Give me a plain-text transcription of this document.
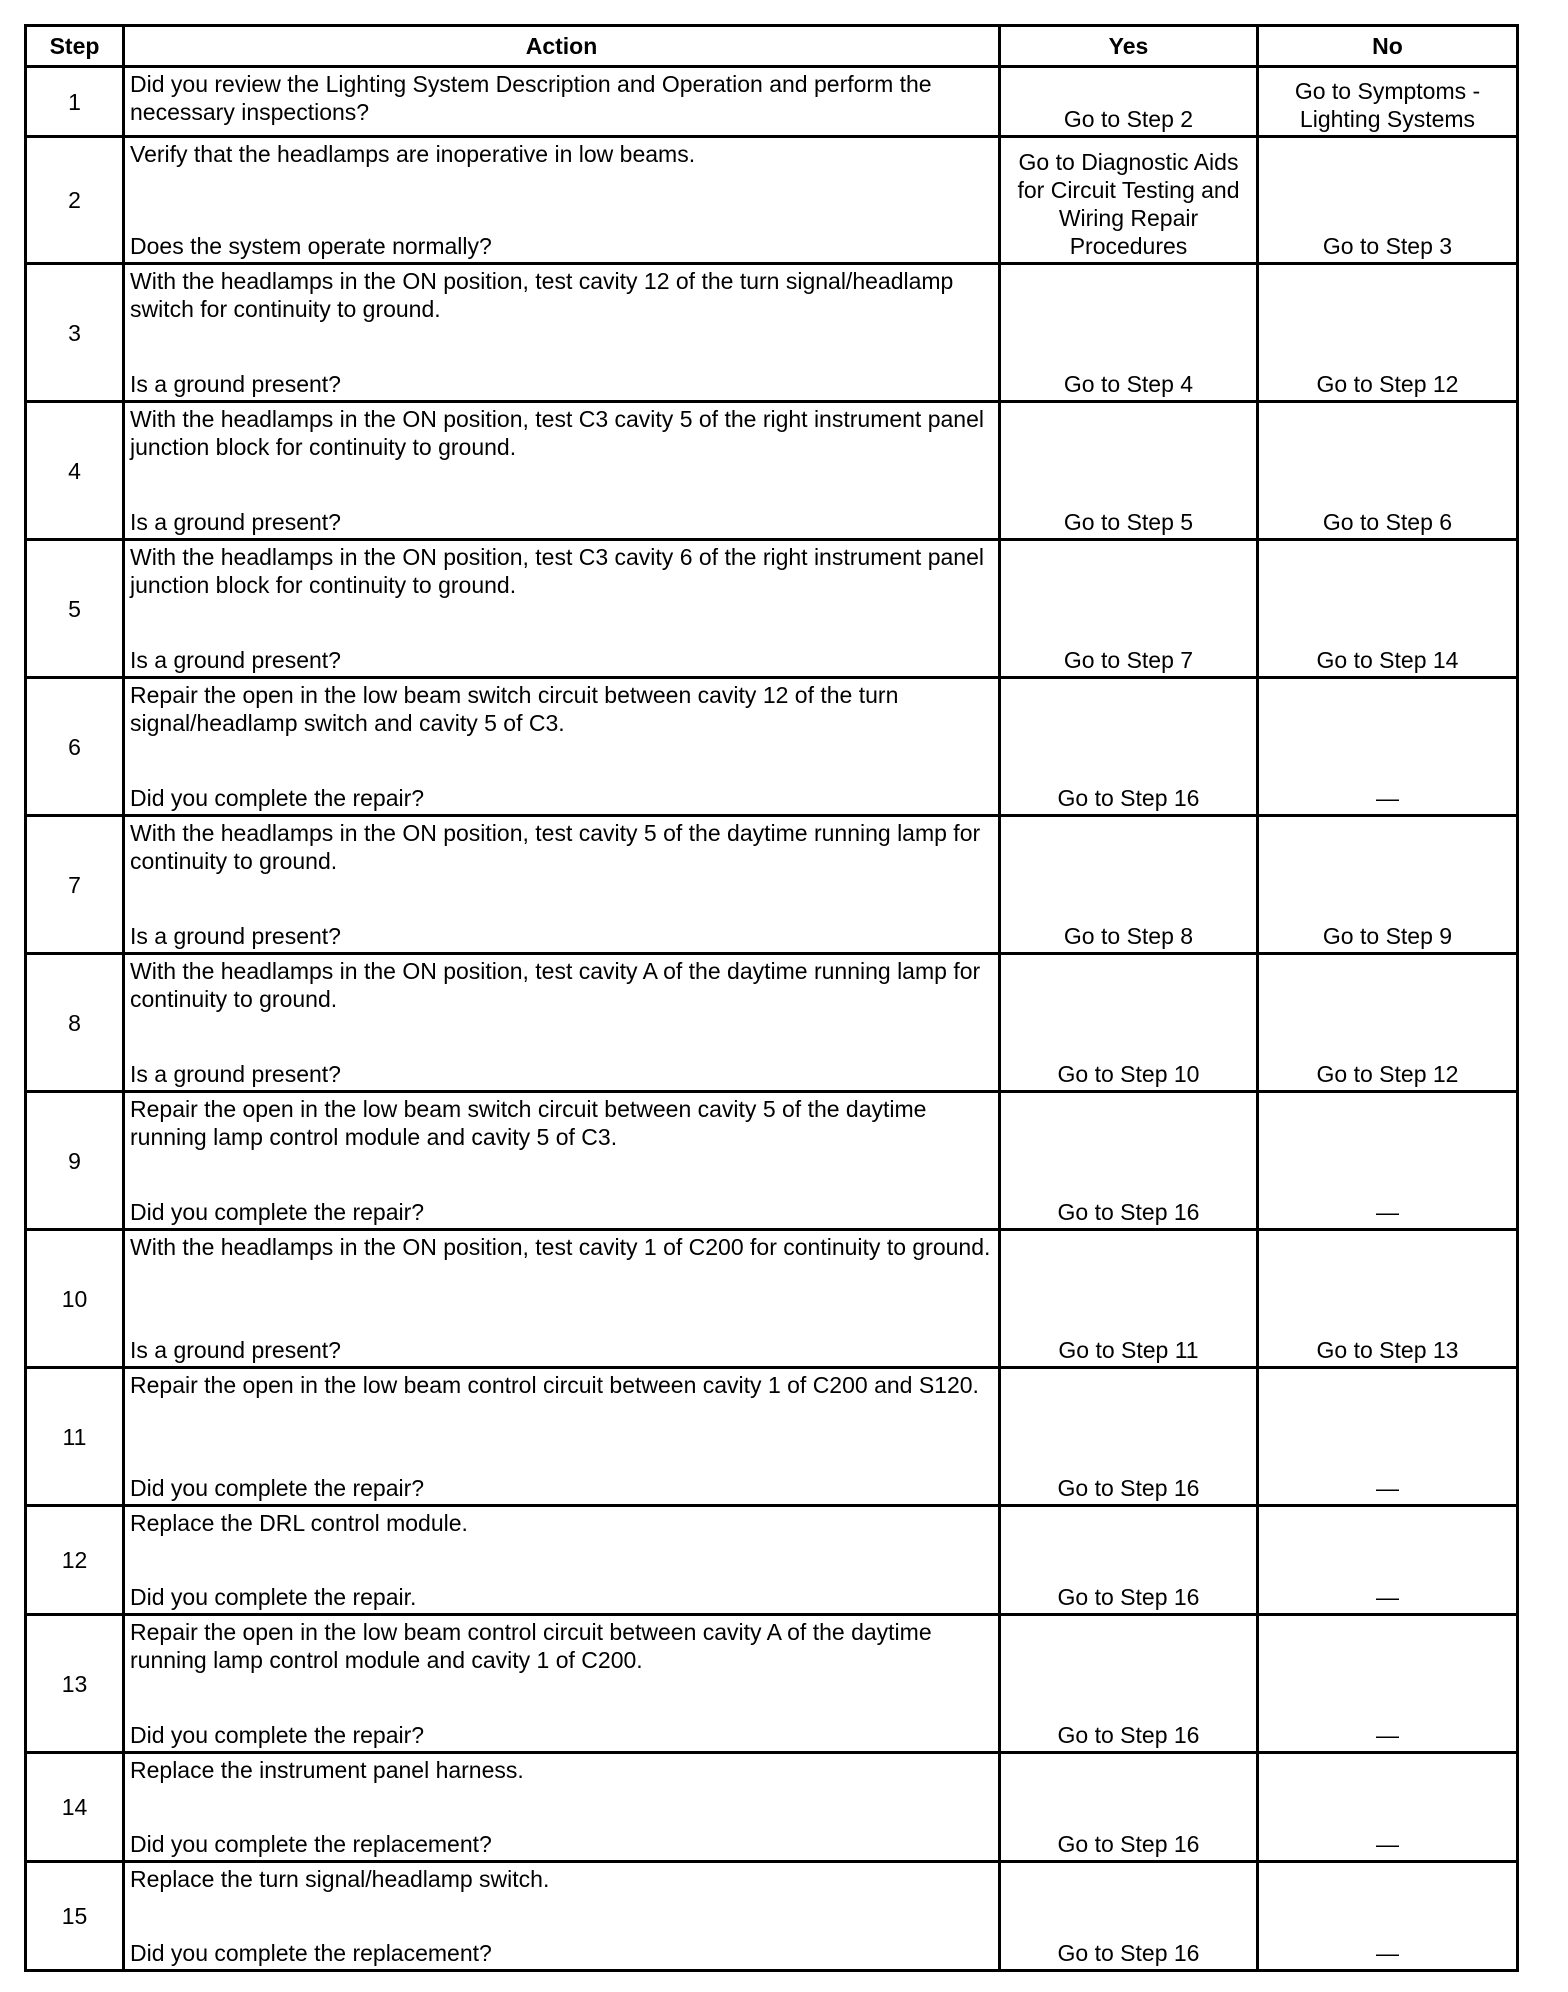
Step	Action	Yes	No
1	Did you review the Lighting System Description and Operation and perform the necessary inspections?	Go to Step 2	Go to Symptoms - Lighting Systems
2	Verify that the headlamps are inoperative in low beams.
Does the system operate normally?	Go to Diagnostic Aids for Circuit Testing and Wiring Repair Procedures	Go to Step 3
3	With the headlamps in the ON position, test cavity 12 of the turn signal/headlamp switch for continuity to ground.
Is a ground present?	Go to Step 4	Go to Step 12
4	With the headlamps in the ON position, test C3 cavity 5 of the right instrument panel junction block for continuity to ground.
Is a ground present?	Go to Step 5	Go to Step 6
5	With the headlamps in the ON position, test C3 cavity 6 of the right instrument panel junction block for continuity to ground.
Is a ground present?	Go to Step 7	Go to Step 14
6	Repair the open in the low beam switch circuit between cavity 12 of the turn signal/headlamp switch and cavity 5 of C3.
Did you complete the repair?	Go to Step 16	—
7	With the headlamps in the ON position, test cavity 5 of the daytime running lamp for continuity to ground.
Is a ground present?	Go to Step 8	Go to Step 9
8	With the headlamps in the ON position, test cavity A of the daytime running lamp for continuity to ground.
Is a ground present?	Go to Step 10	Go to Step 12
9	Repair the open in the low beam switch circuit between cavity 5 of the daytime running lamp control module and cavity 5 of C3.
Did you complete the repair?	Go to Step 16	—
10	With the headlamps in the ON position, test cavity 1 of C200 for continuity to ground.
Is a ground present?	Go to Step 11	Go to Step 13
11	Repair the open in the low beam control circuit between cavity 1 of C200 and S120.
Did you complete the repair?	Go to Step 16	—
12	Replace the DRL control module.
Did you complete the repair.	Go to Step 16	—
13	Repair the open in the low beam control circuit between cavity A of the daytime running lamp control module and cavity 1 of C200.
Did you complete the repair?	Go to Step 16	—
14	Replace the instrument panel harness.
Did you complete the replacement?	Go to Step 16	—
15	Replace the turn signal/headlamp switch.
Did you complete the replacement?	Go to Step 16	—
